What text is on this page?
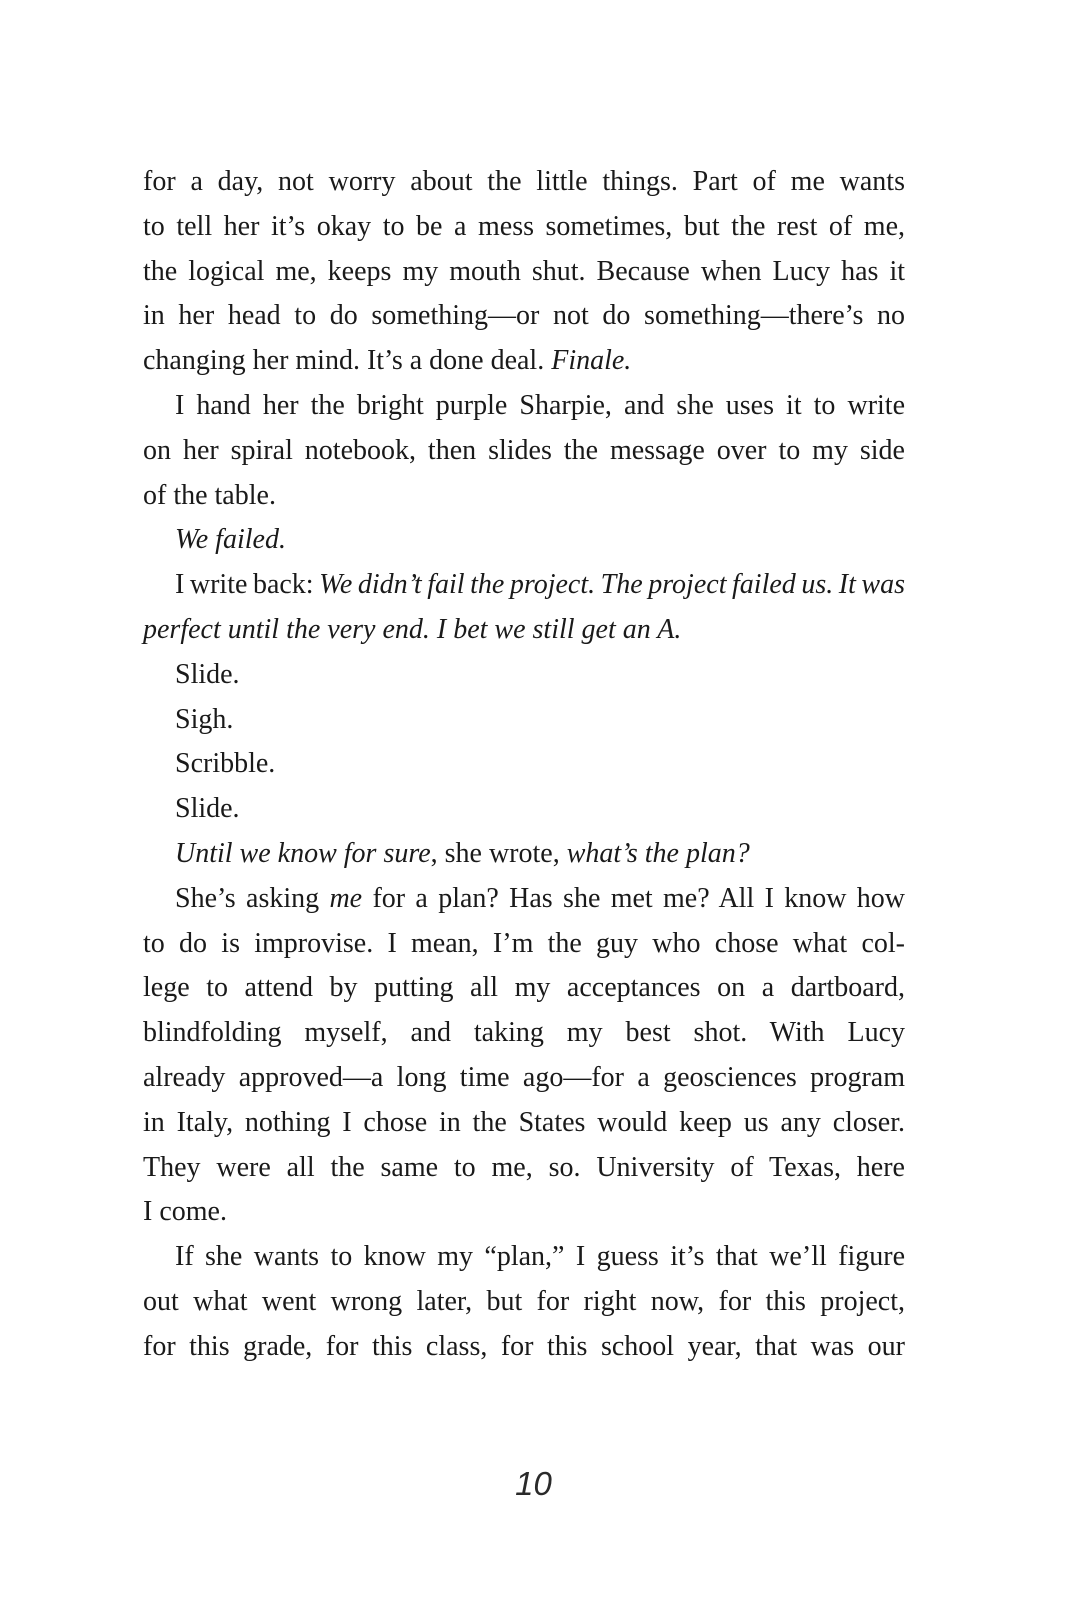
for a day, not worry about the little things. Part of me wants
to tell her it’s okay to be a mess sometimes, but the rest of me,
the logical me, keeps my mouth shut. Because when Lucy has it
in her head to do something—or not do something—there’s no
changing her mind. It’s a done deal. Finale.
I hand her the bright purple Sharpie, and she uses it to write
on her spiral notebook, then slides the message over to my side
of the table.
We failed.
I write back: We didn’t fail the project. The project failed us. It was
perfect until the very end. I bet we still get an A.
Slide.
Sigh.
Scribble.
Slide.
Until we know for sure, she wrote, what’s the plan?
She’s asking me for a plan? Has she met me? All I know how
to do is improvise. I mean, I’m the guy who chose what col-
lege to attend by putting all my acceptances on a dartboard,
blindfolding myself, and taking my best shot. With Lucy
already approved—a long time ago—for a geosciences program
in Italy, nothing I chose in the States would keep us any closer.
They were all the same to me, so. University of Texas, here
I come.
If she wants to know my “plan,” I guess it’s that we’ll figure
out what went wrong later, but for right now, for this project,
for this grade, for this class, for this school year, that was our
10
